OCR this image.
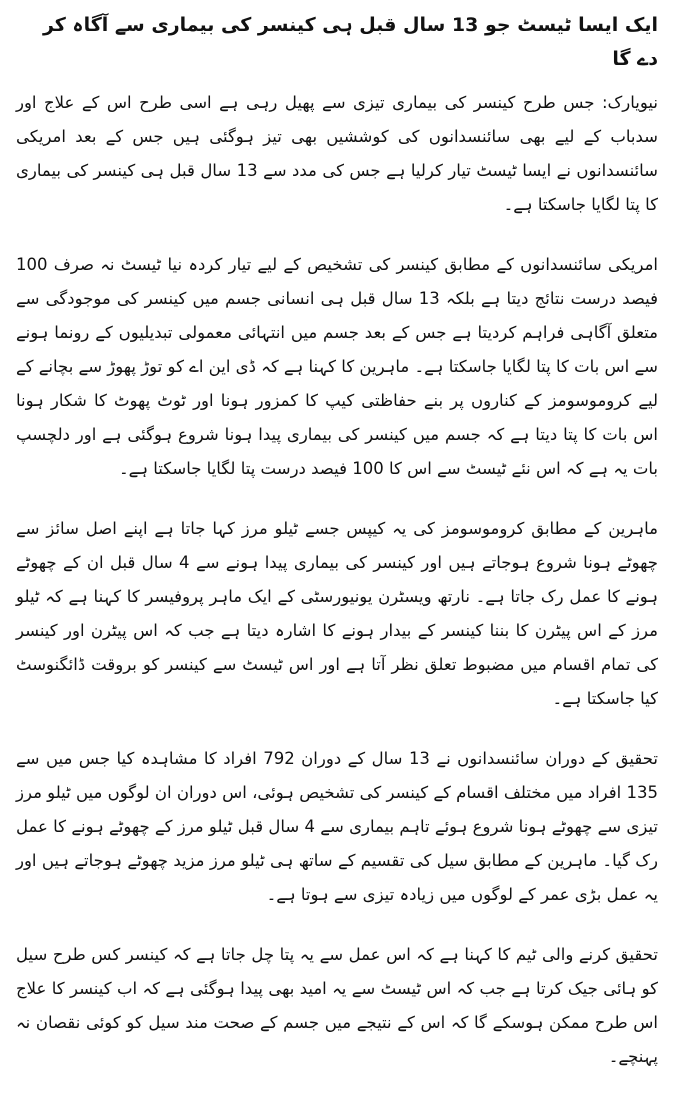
ایک ایسا ٹیسٹ جو 13 سال قبل ہی کینسر کی بیماری سے آگاہ کر دے گا

نیویارک: جس طرح کینسر کی بیماری تیزی سے پھیل رہی ہے اسی طرح اس کے علاج اور سدباب کے لیے بھی سائنسدانوں کی کوششیں بھی تیز ہوگئی ہیں جس کے بعد امریکی سائنسدانوں نے ایسا ٹیسٹ تیار کرلیا ہے جس کی مدد سے 13 سال قبل ہی کینسر کی بیماری کا پتا لگایا جاسکتا ہے۔

امریکی سائنسدانوں کے مطابق کینسر کی تشخیص کے لیے تیار کردہ نیا ٹیسٹ نہ صرف 100 فیصد درست نتائج دیتا ہے بلکہ 13 سال قبل ہی انسانی جسم میں کینسر کی موجودگی سے متعلق آگاہی فراہم کردیتا ہے جس کے بعد جسم میں انتہائی معمولی تبدیلیوں کے رونما ہونے سے اس بات کا پتا لگایا جاسکتا ہے۔ ماہرین کا کہنا ہے کہ ڈی این اے کو توڑ پھوڑ سے بچانے کے لیے کروموسومز کے کناروں پر بنے حفاظتی کیپ کا کمزور ہونا اور ٹوٹ پھوٹ کا شکار ہونا اس بات کا پتا دیتا ہے کہ جسم میں کینسر کی بیماری پیدا ہونا شروع ہوگئی ہے اور دلچسپ بات یہ ہے کہ اس نئے ٹیسٹ سے اس کا 100 فیصد درست پتا لگایا جاسکتا ہے۔

ماہرین کے مطابق کروموسومز کی یہ کیپس جسے ٹیلو مرز کہا جاتا ہے اپنے اصل سائز سے چھوٹے ہونا شروع ہوجاتے ہیں اور کینسر کی بیماری پیدا ہونے سے 4 سال قبل ان کے چھوٹے ہونے کا عمل رک جاتا ہے۔ نارتھ ویسٹرن یونیورسٹی کے ایک ماہر پروفیسر کا کہنا ہے کہ ٹیلو مرز کے اس پیٹرن کا بننا کینسر کے بیدار ہونے کا اشارہ دیتا ہے جب کہ اس پیٹرن اور کینسر کی تمام اقسام میں مضبوط تعلق نظر آتا ہے اور اس ٹیسٹ سے کینسر کو بروقت ڈائگنوسٹ کیا جاسکتا ہے۔

تحقیق کے دوران سائنسدانوں نے 13 سال کے دوران 792 افراد کا مشاہدہ کیا جس میں سے 135 افراد میں مختلف اقسام کے کینسر کی تشخیص ہوئی، اس دوران ان لوگوں میں ٹیلو مرز تیزی سے چھوٹے ہونا شروع ہوئے تاہم بیماری سے 4 سال قبل ٹیلو مرز کے چھوٹے ہونے کا عمل رک گیا۔ ماہرین کے مطابق سیل کی تقسیم کے ساتھ ہی ٹیلو مرز مزید چھوٹے ہوجاتے ہیں اور یہ عمل بڑی عمر کے لوگوں میں زیادہ تیزی سے ہوتا ہے۔

تحقیق کرنے والی ٹیم کا کہنا ہے کہ اس عمل سے یہ پتا چل جاتا ہے کہ کینسر کس طرح سیل کو ہائی جیک کرتا ہے جب کہ اس ٹیسٹ سے یہ امید بھی پیدا ہوگئی ہے کہ اب کینسر کا علاج اس طرح ممکن ہوسکے گا کہ اس کے نتیجے میں جسم کے صحت مند سیل کو کوئی نقصان نہ پہنچے۔
